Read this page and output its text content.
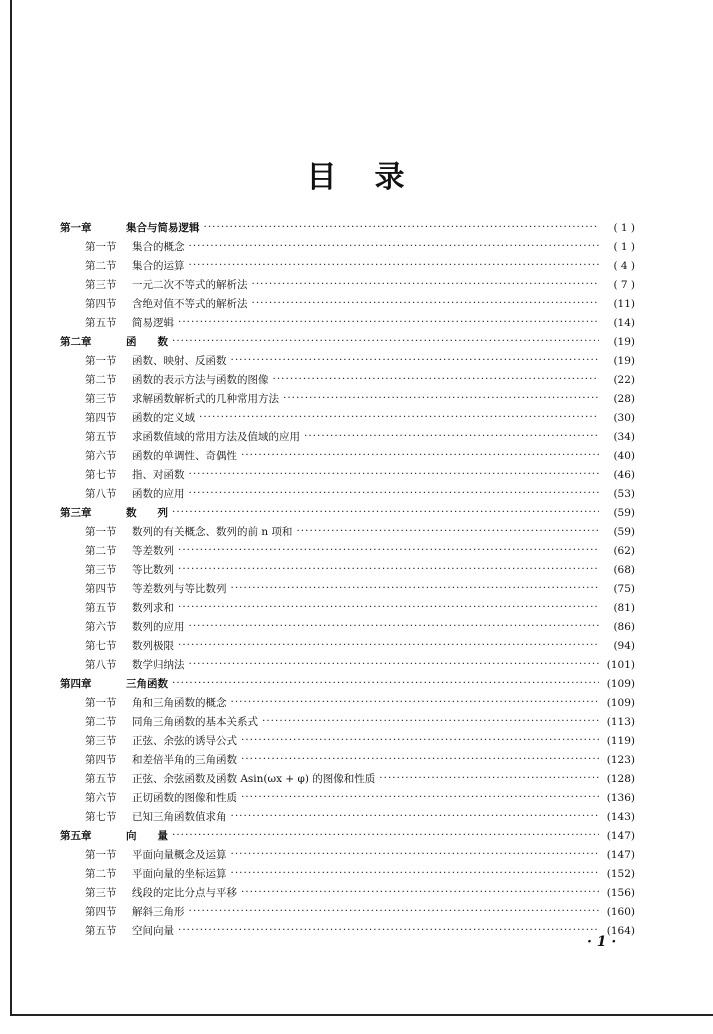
目 录
第一章	集合与简易逻辑 ·····	( 1 )
第一节	集合的概念 ·····	( 1 )
第二节	集合的运算 ·····	( 4 )
第三节	一元二次不等式的解析法 ·····	( 7 )
第四节	含绝对值不等式的解析法 ·····	(11)
第五节	简易逻辑 ·····	(14)
第二章	函　　数 ·····	(19)
第一节	函数、映射、反函数 ·····	(19)
第二节	函数的表示方法与函数的图像 ·····	(22)
第三节	求解函数解析式的几种常用方法 ·····	(28)
第四节	函数的定义域 ·····	(30)
第五节	求函数值域的常用方法及值域的应用 ·····	(34)
第六节	函数的单调性、奇偶性 ·····	(40)
第七节	指、对函数 ·····	(46)
第八节	函数的应用 ·····	(53)
第三章	数　　列 ·····	(59)
第一节	数列的有关概念、数列的前 n 项和 ·····	(59)
第二节	等差数列 ·····	(62)
第三节	等比数列 ·····	(68)
第四节	等差数列与等比数列 ·····	(75)
第五节	数列求和 ·····	(81)
第六节	数列的应用 ·····	(86)
第七节	数列极限 ·····	(94)
第八节	数学归纳法 ·····	(101)
第四章	三角函数 ·····	(109)
第一节	角和三角函数的概念 ·····	(109)
第二节	同角三角函数的基本关系式 ·····	(113)
第三节	正弦、余弦的诱导公式 ·····	(119)
第四节	和差倍半角的三角函数 ·····	(123)
第五节	正弦、余弦函数及函数 Asin(ωx + φ) 的图像和性质 ·····	(128)
第六节	正切函数的图像和性质 ·····	(136)
第七节	已知三角函数值求角 ·····	(143)
第五章	向　　量 ·····	(147)
第一节	平面向量概念及运算 ·····	(147)
第二节	平面向量的坐标运算 ·····	(152)
第三节	线段的定比分点与平移 ·····	(156)
第四节	解斜三角形 ·····	(160)
第五节	空间向量 ·····	(164)
· 1 ·
